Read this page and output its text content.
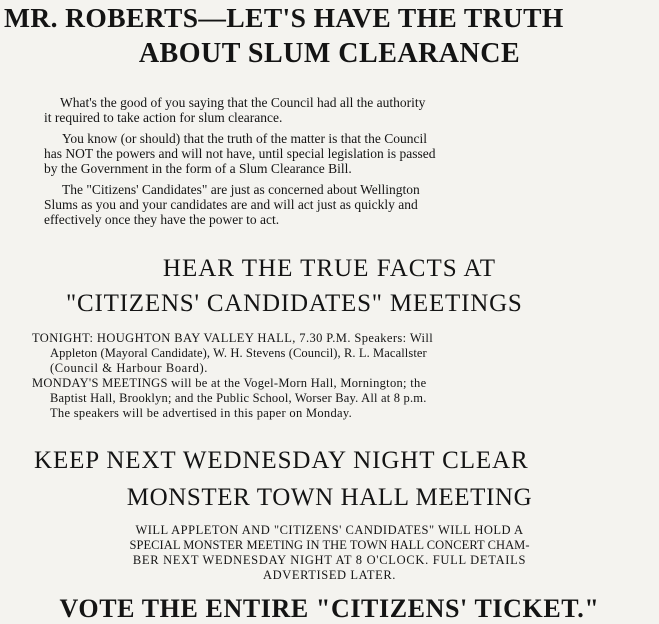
MR. ROBERTS—LET'S HAVE THE TRUTH
ABOUT SLUM CLEARANCE
What's the good of you saying that the Council had all the authority
it required to take action for slum clearance.
You know (or should) that the truth of the matter is that the Council
has NOT the powers and will not have, until special legislation is passed
by the Government in the form of a Slum Clearance Bill.
The "Citizens' Candidates" are just as concerned about Wellington
Slums as you and your candidates are and will act just as quickly and
effectively once they have the power to act.
HEAR THE TRUE FACTS AT
"CITIZENS' CANDIDATES" MEETINGS
TONIGHT: HOUGHTON BAY VALLEY HALL, 7.30 P.M. Speakers: Will
Appleton (Mayoral Candidate), W. H. Stevens (Council), R. L. Macallster
(Council & Harbour Board).
MONDAY'S MEETINGS will be at the Vogel-Morn Hall, Mornington; the
Baptist Hall, Brooklyn; and the Public School, Worser Bay. All at 8 p.m.
The speakers will be advertised in this paper on Monday.
KEEP NEXT WEDNESDAY NIGHT CLEAR
MONSTER TOWN HALL MEETING
WILL APPLETON AND "CITIZENS' CANDIDATES" WILL HOLD A
SPECIAL MONSTER MEETING IN THE TOWN HALL CONCERT CHAM-
BER NEXT WEDNESDAY NIGHT AT 8 O'CLOCK. FULL DETAILS
ADVERTISED LATER.
VOTE THE ENTIRE "CITIZENS' TICKET."
